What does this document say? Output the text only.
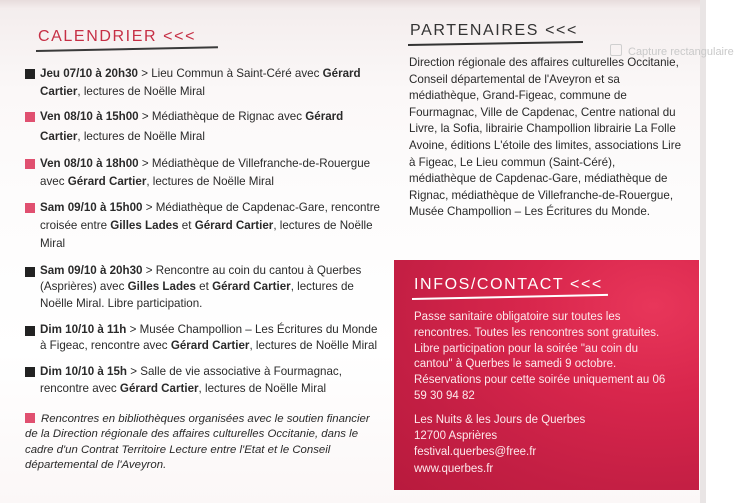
CALENDRIER <<<
Jeu 07/10 à 20h30 > Lieu Commun à Saint-Céré avec Gérard Cartier, lectures de Noëlle Miral
Ven 08/10 à 15h00 > Médiathèque de Rignac avec Gérard Cartier, lectures de Noëlle Miral
Ven 08/10 à 18h00 > Médiathèque de Villefranche-de-Rouergue avec Gérard Cartier, lectures de Noëlle Miral
Sam 09/10 à 15h00 > Médiathèque de Capdenac-Gare, rencontre croisée entre Gilles Lades et Gérard Cartier, lectures de Noëlle Miral
Sam 09/10 à 20h30 > Rencontre au coin du cantou à Querbes (Asprières) avec Gilles Lades et Gérard Cartier, lectures de Noëlle Miral. Libre participation.
Dim 10/10 à 11h > Musée Champollion – Les Écritures du Monde à Figeac, rencontre avec Gérard Cartier, lectures de Noëlle Miral
Dim 10/10 à 15h > Salle de vie associative à Fourmagnac, rencontre avec Gérard Cartier, lectures de Noëlle Miral
Rencontres en bibliothèques organisées avec le soutien financier de la Direction régionale des affaires culturelles Occitanie, dans le cadre d'un Contrat Territoire Lecture entre l'Etat et le Conseil départemental de l'Aveyron.
PARTENAIRES <<<
Direction régionale des affaires culturelles Occitanie, Conseil départemental de l'Aveyron et sa médiathèque, Grand-Figeac, commune de Fourmagnac, Ville de Capdenac, Centre national du Livre, la Sofia, librairie Champollion librairie La Folle Avoine, éditions L'étoile des limites, associations Lire à Figeac, Le Lieu commun (Saint-Céré), médiathèque de Capdenac-Gare, médiathèque de Rignac, médiathèque de Villefranche-de-Rouergue, Musée Champollion – Les Écritures du Monde.
Capture rectangulaire
INFOS/CONTACT <<<
Passe sanitaire obligatoire sur toutes les rencontres. Toutes les rencontres sont gratuites. Libre participation pour la soirée "au coin du cantou" à Querbes le samedi 9 octobre. Réservations pour cette soirée uniquement au 06 59 30 94 82
Les Nuits & les Jours de Querbes
12700 Asprières
festival.querbes@free.fr
www.querbes.fr
